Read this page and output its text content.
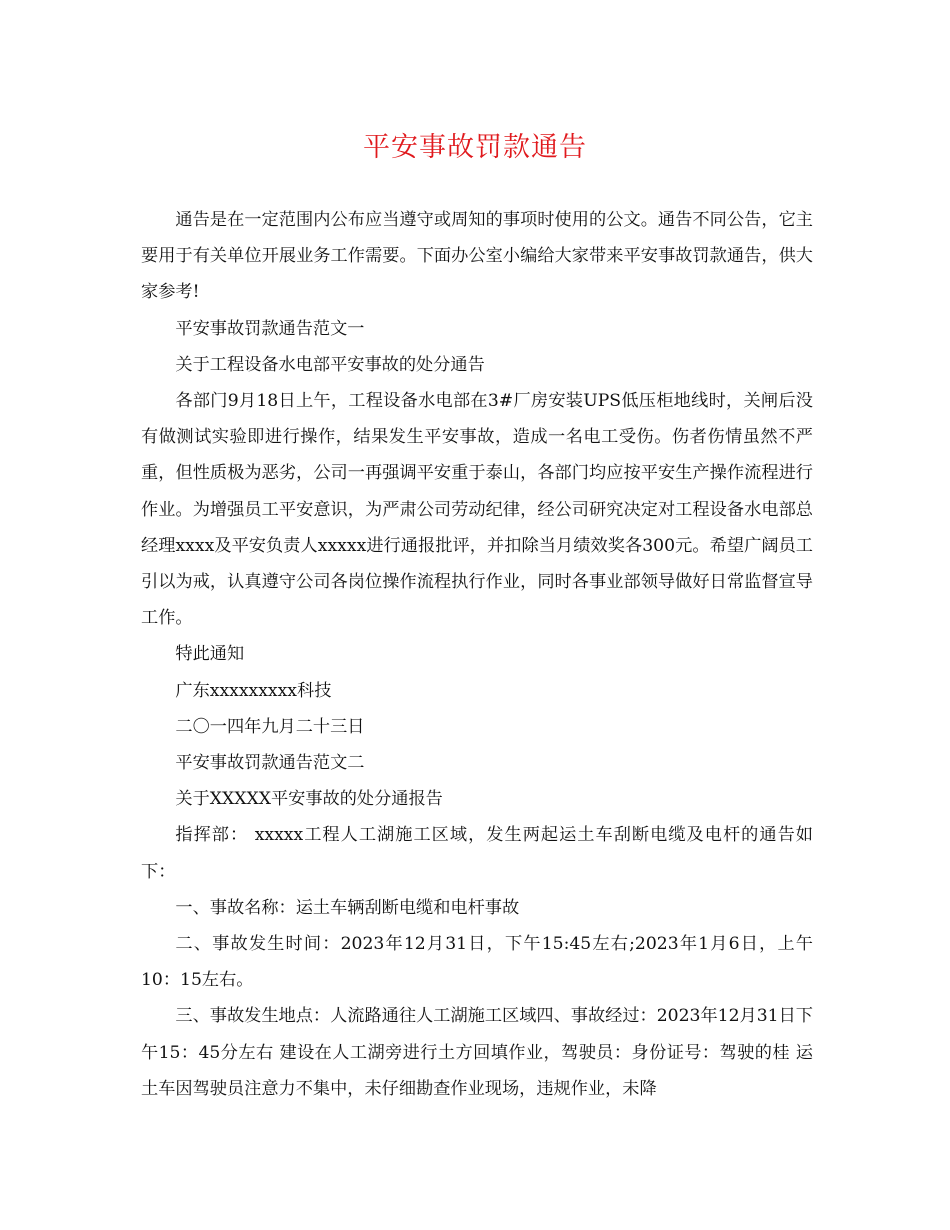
平安事故罚款通告

通告是在一定范围内公布应当遵守或周知的事项时使用的公文。通告不同公告，它主要用于有关单位开展业务工作需要。下面办公室小编给大家带来平安事故罚款通告，供大家参考!

平安事故罚款通告范文一

关于工程设备水电部平安事故的处分通告

各部门9月18日上午，工程设备水电部在3#厂房安装UPS低压柜地线时，关闸后没有做测试实验即进行操作，结果发生平安事故，造成一名电工受伤。伤者伤情虽然不严重，但性质极为恶劣，公司一再强调平安重于泰山，各部门均应按平安生产操作流程进行作业。为增强员工平安意识，为严肃公司劳动纪律，经公司研究决定对工程设备水电部总经理xxxx及平安负责人xxxxx进行通报批评，并扣除当月绩效奖各300元。希望广阔员工引以为戒，认真遵守公司各岗位操作流程执行作业，同时各事业部领导做好日常监督宣导工作。

特此通知

广东xxxxxxxxx科技

二〇一四年九月二十三日

平安事故罚款通告范文二

关于XXXXX平安事故的处分通报告

指挥部： xxxxx工程人工湖施工区域，发生两起运土车刮断电缆及电杆的通告如下：

一、事故名称：运土车辆刮断电缆和电杆事故

二、事故发生时间：2023年12月31日，下午15:45左右;2023年1月6日，上午10：15左右。

三、事故发生地点：人流路通往人工湖施工区域四、事故经过：2023年12月31日下午15：45分左右 建设在人工湖旁进行土方回填作业，驾驶员：身份证号：驾驶的桂 运土车因驾驶员注意力不集中，未仔细勘查作业现场，违规作业，未降
